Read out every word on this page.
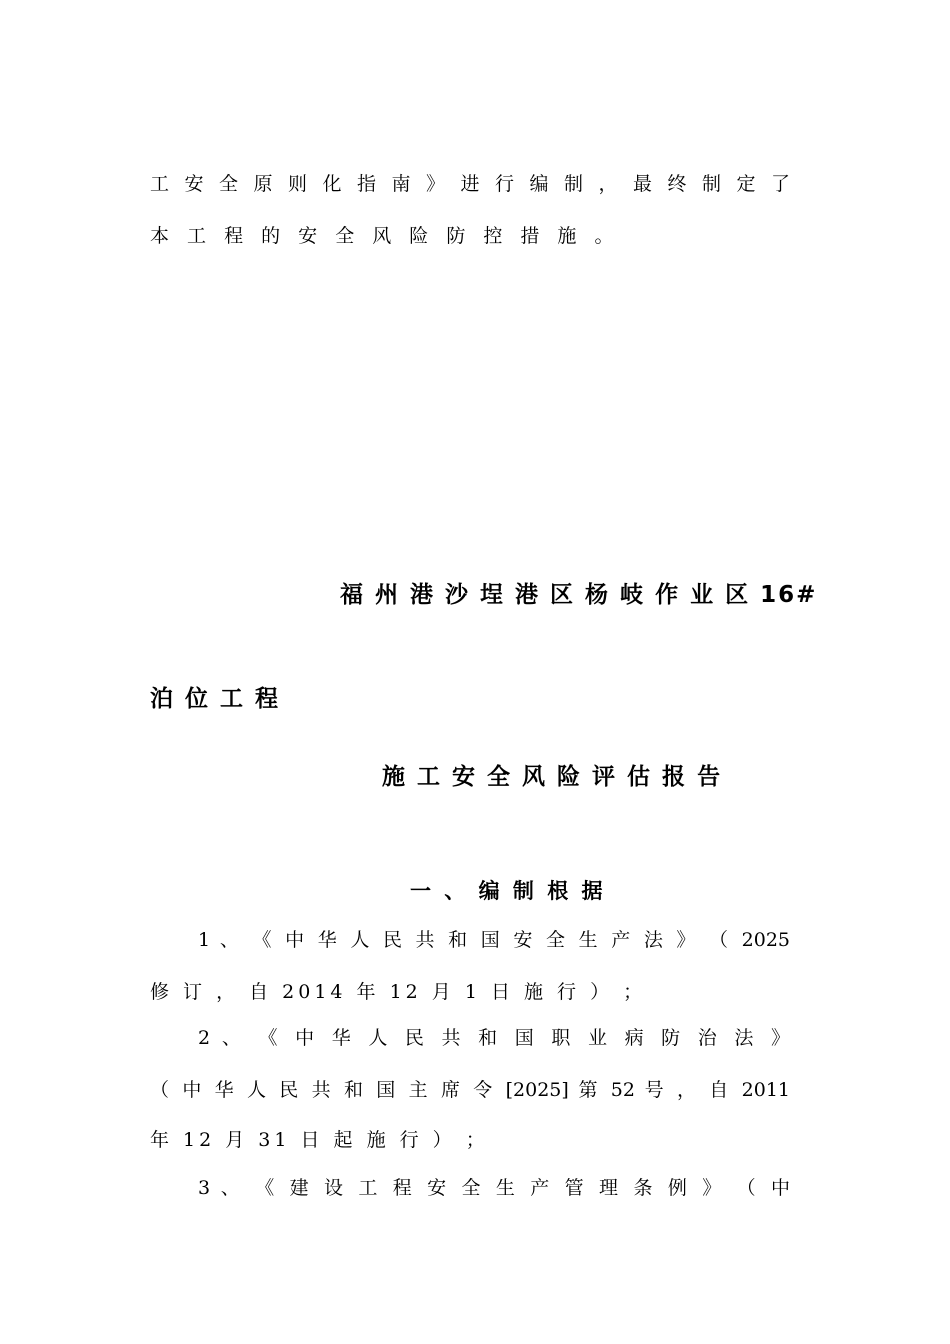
工 安 全 原 则 化 指 南 》 进 行 编 制 ， 最 终 制 定 了
本 工 程 的 安 全 风 险 防 控 措 施 。
福 州 港 沙 埕 港 区 杨 岐 作 业 区 16#
泊 位 工 程
施 工 安 全 风 险 评 估 报 告
一 、 编 制 根 据
1 、 《 中 华 人 民 共 和 国 安 全 生 产 法 》 （ 2025
修 订 ， 自 2014 年 12 月 1 日 施 行 ） ；
2 、 《 中 华 人 民 共 和 国 职 业 病 防 治 法 》
（ 中 华 人 民 共 和 国 主 席 令 [2025] 第 52 号 ， 自 2011
年 12 月 31 日 起 施 行 ） ；
3 、 《 建 设 工 程 安 全 生 产 管 理 条 例 》 （ 中
